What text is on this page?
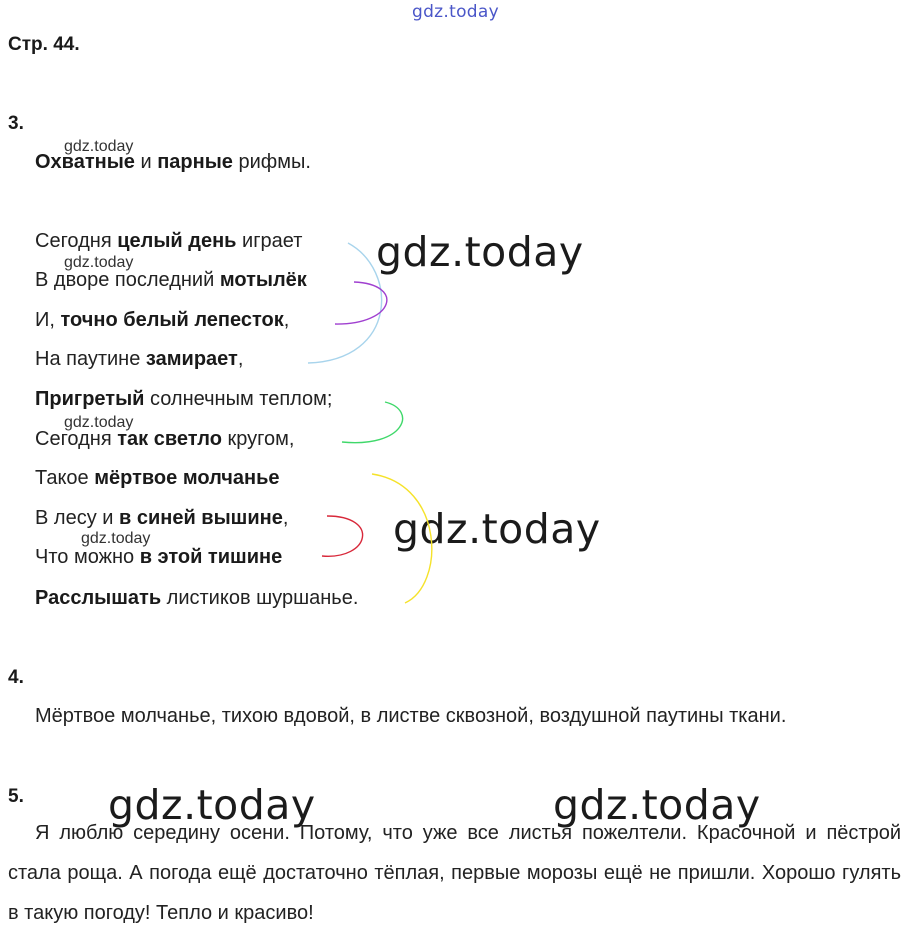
gdz.today
gdz.today
gdz.today
gdz.today
gdz.today
gdz.today
gdz.today
gdz.today	gdz.today
Стр. 44.
3.
Охватные и парные рифмы.
Сегодня целый день играет
В дворе последний мотылёк
И, точно белый лепесток,
На паутине замирает,
Пригретый солнечным теплом;
Сегодня так светло кругом,
Такое мёртвое молчанье
В лесу и в синей вышине,
Что можно в этой тишине
Расслышать листиков шуршанье.
4.
Мёртвое молчанье, тихою вдовой, в листве сквозной, воздушной паутины ткани.
5.
Я люблю середину осени. Потому, что уже все листья пожелтели. Красочной и пёстрой стала роща. А погода ещё достаточно тёплая, первые морозы ещё не пришли. Хорошо гулять в такую погоду! Тепло и красиво!
